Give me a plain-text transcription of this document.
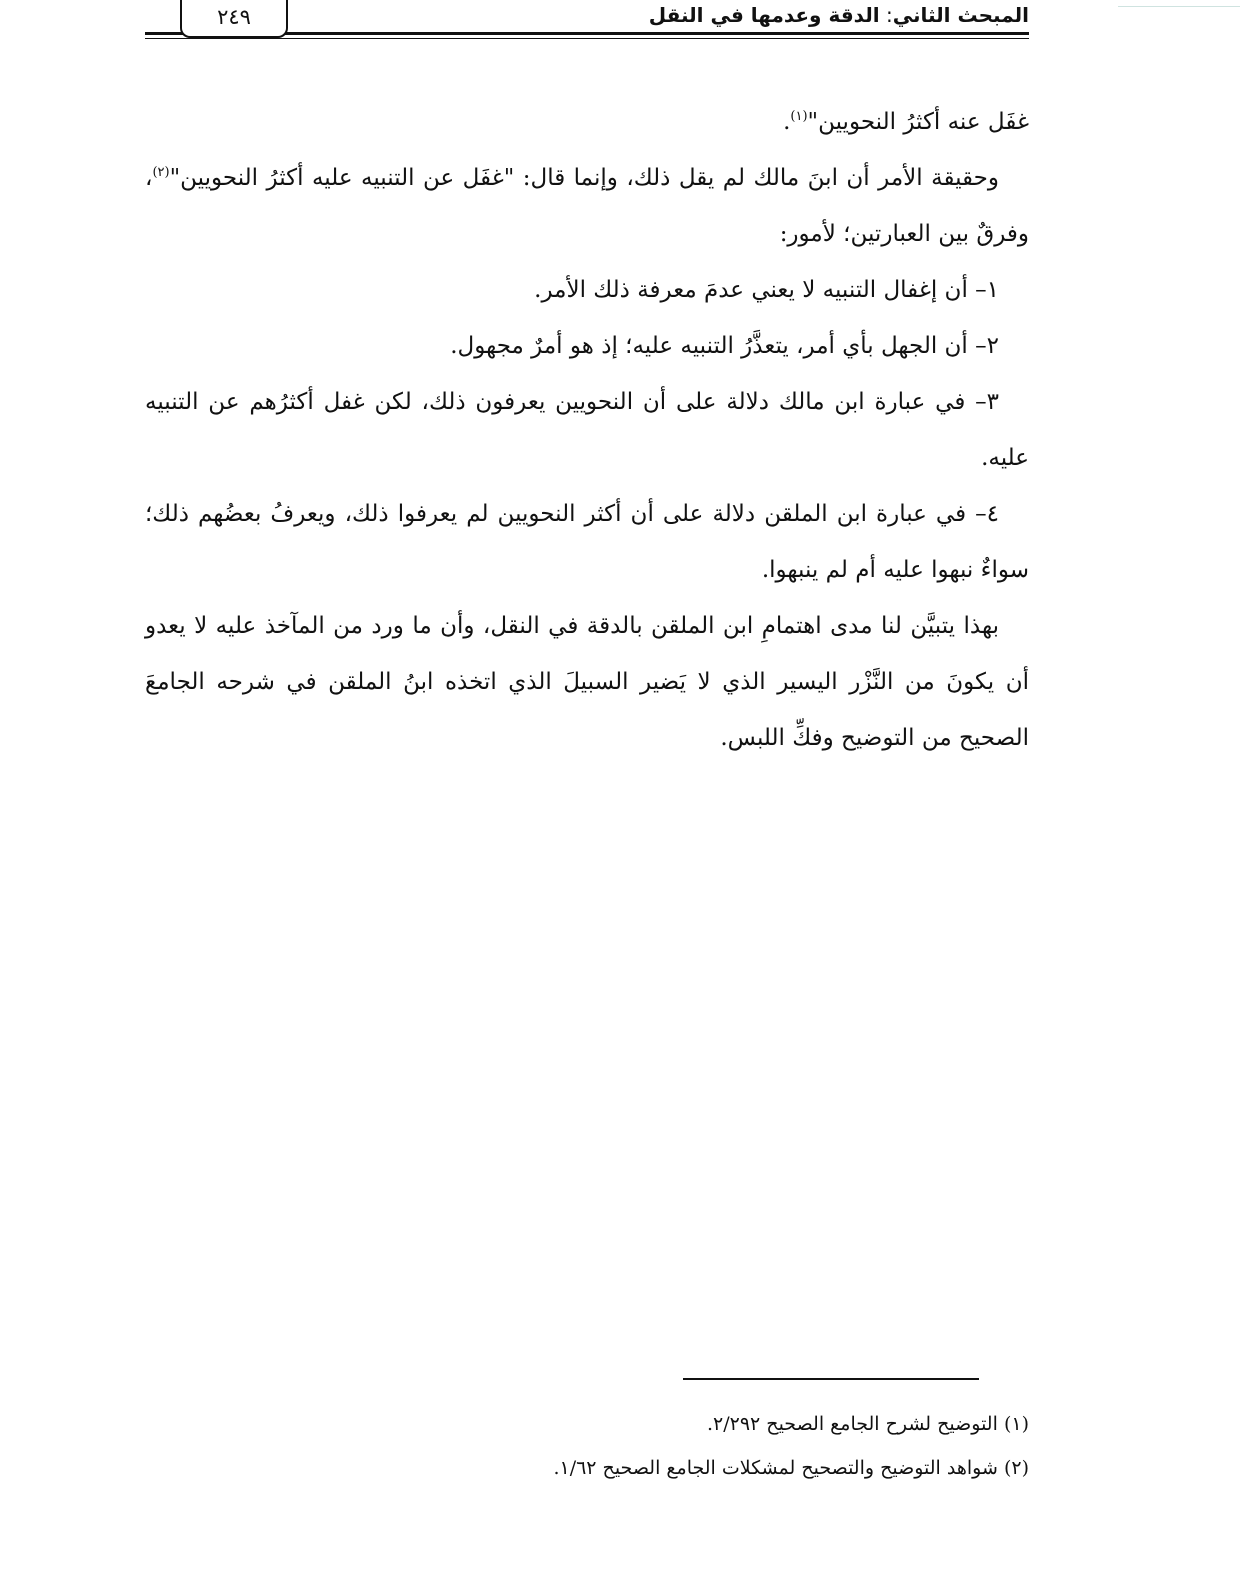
المبحث الثاني: الدقة وعدمها في النقل
٢٤٩

غفَل عنه أكثرُ النحويين"$^{(١)}$.

وحقيقة الأمر أن ابنَ مالك لم يقل ذلك، وإنما قال: "غفَل عن التنبيه عليه أكثرُ النحويين"$^{(٢)}$، وفرقٌ بين العبارتين؛ لأمور:

١– أن إغفال التنبيه لا يعني عدمَ معرفة ذلك الأمر.

٢– أن الجهل بأي أمر، يتعذَّرُ التنبيه عليه؛ إذ هو أمرٌ مجهول.

٣– في عبارة ابن مالك دلالة على أن النحويين يعرفون ذلك، لكن غفل أكثرُهم عن التنبيه عليه.

٤– في عبارة ابن الملقن دلالة على أن أكثر النحويين لم يعرفوا ذلك، ويعرفُ بعضُهم ذلك؛ سواءٌ نبهوا عليه أم لم ينبهوا.

بهذا يتبيَّن لنا مدى اهتمامِ ابن الملقن بالدقة في النقل، وأن ما ورد من المآخذ عليه لا يعدو أن يكونَ من النَّزْر اليسير الذي لا يَضير السبيلَ الذي اتخذه ابنُ الملقن في شرحه الجامعَ الصحيح من التوضيح وفكِّ اللبس.

(١) التوضيح لشرح الجامع الصحيح ٢/٢٩٢.

(٢) شواهد التوضيح والتصحيح لمشكلات الجامع الصحيح ١/٦٢.
